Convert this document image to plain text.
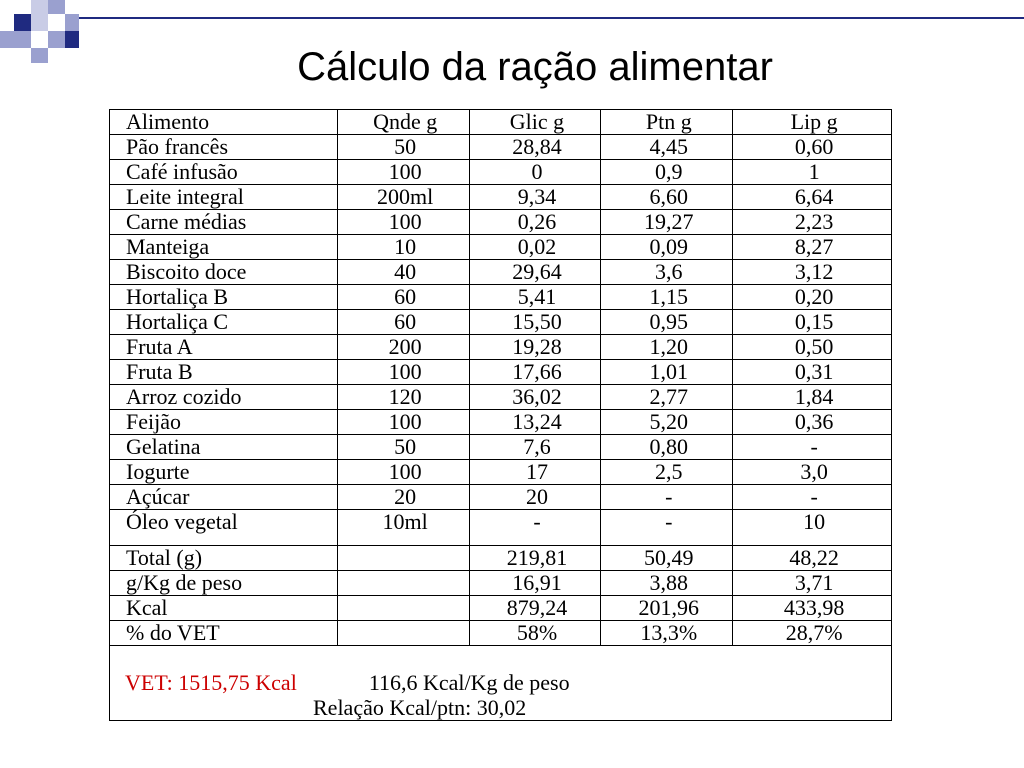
Cálculo da ração alimentar
Alimento	Qnde g	Glic g	Ptn g	Lip g
Pão francês	50	28,84	4,45	0,60
Café infusão	100	0	0,9	1
Leite integral	200ml	9,34	6,60	6,64
Carne médias	100	0,26	19,27	2,23
Manteiga	10	0,02	0,09	8,27
Biscoito doce	40	29,64	3,6	3,12
Hortaliça B	60	5,41	1,15	0,20
Hortaliça C	60	15,50	0,95	0,15
Fruta A	200	19,28	1,20	0,50
Fruta B	100	17,66	1,01	0,31
Arroz cozido	120	36,02	2,77	1,84
Feijão	100	13,24	5,20	0,36
Gelatina	50	7,6	0,80	-
Iogurte	100	17	2,5	3,0
Açúcar	20	20	-	-
Óleo vegetal	10ml	-	-	10
Total (g)		219,81	50,49	48,22
g/Kg de peso		16,91	3,88	3,71
Kcal		879,24	201,96	433,98
% do VET		58%	13,3%	28,7%

VET: 1515,75 Kcal 116,6 Kcal/Kg de peso
Relação Kcal/ptn: 30,02				
